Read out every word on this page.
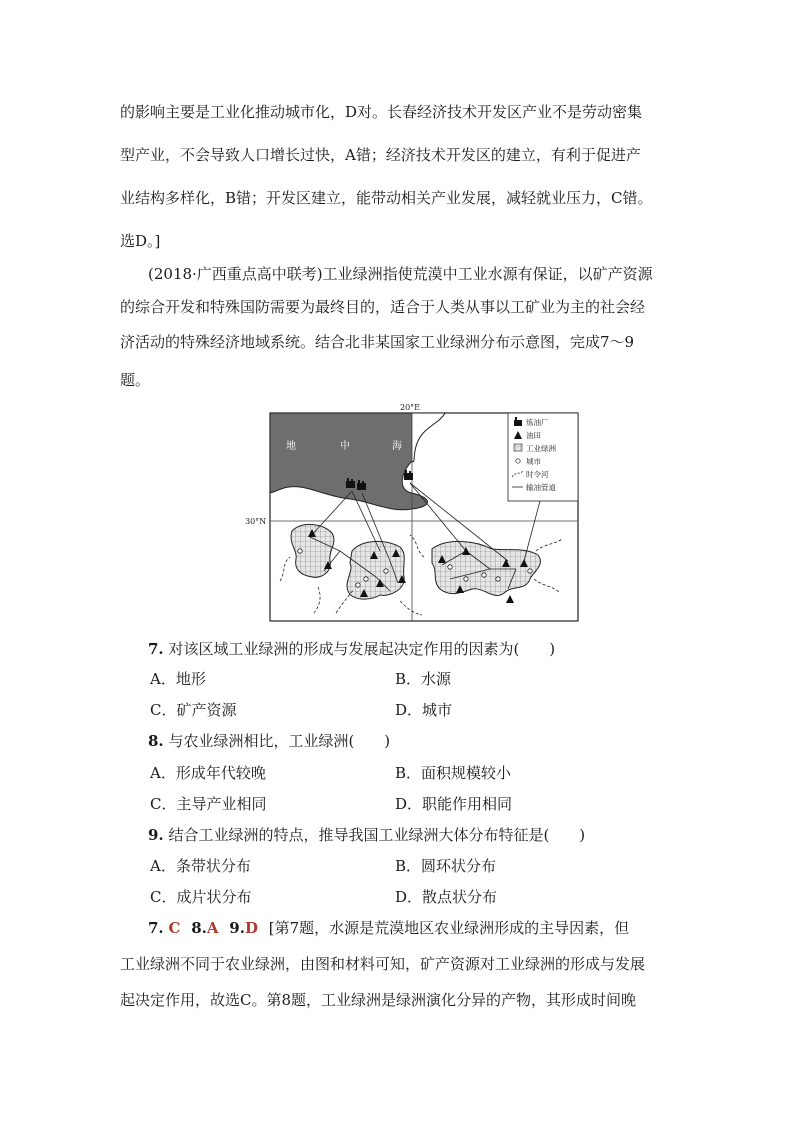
的影响主要是工业化推动城市化，D对。长春经济技术开发区产业不是劳动密集
型产业，不会导致人口增长过快，A错；经济技术开发区的建立，有利于促进产
业结构多样化，B错；开发区建立，能带动相关产业发展，减轻就业压力，C错。
选D。]
(2018·广西重点高中联考)工业绿洲指使荒漠中工业水源有保证，以矿产资源
的综合开发和特殊国防需要为最终目的，适合于人类从事以工矿业为主的社会经
济活动的特殊经济地域系统。结合北非某国家工业绿洲分布示意图，完成7～9
题。
地	中	海
20°E
30°N
炼油厂
油田
工业绿洲
城市
时令河
输油管道
7. 对该区域工业绿洲的形成与发展起决定作用的因素为(　　)
A．地形	B．水源
C．矿产资源	D．城市
8. 与农业绿洲相比，工业绿洲(　　)
A．形成年代较晚	B．面积规模较小
C．主导产业相同	D．职能作用相同
9. 结合工业绿洲的特点，推导我国工业绿洲大体分布特征是(　　)
A．条带状分布	B．圆环状分布
C．成片状分布	D．散点状分布
7. C 8.A 9.D [第7题，水源是荒漠地区农业绿洲形成的主导因素，但
工业绿洲不同于农业绿洲，由图和材料可知，矿产资源对工业绿洲的形成与发展
起决定作用，故选C。第8题，工业绿洲是绿洲演化分异的产物，其形成时间晚
